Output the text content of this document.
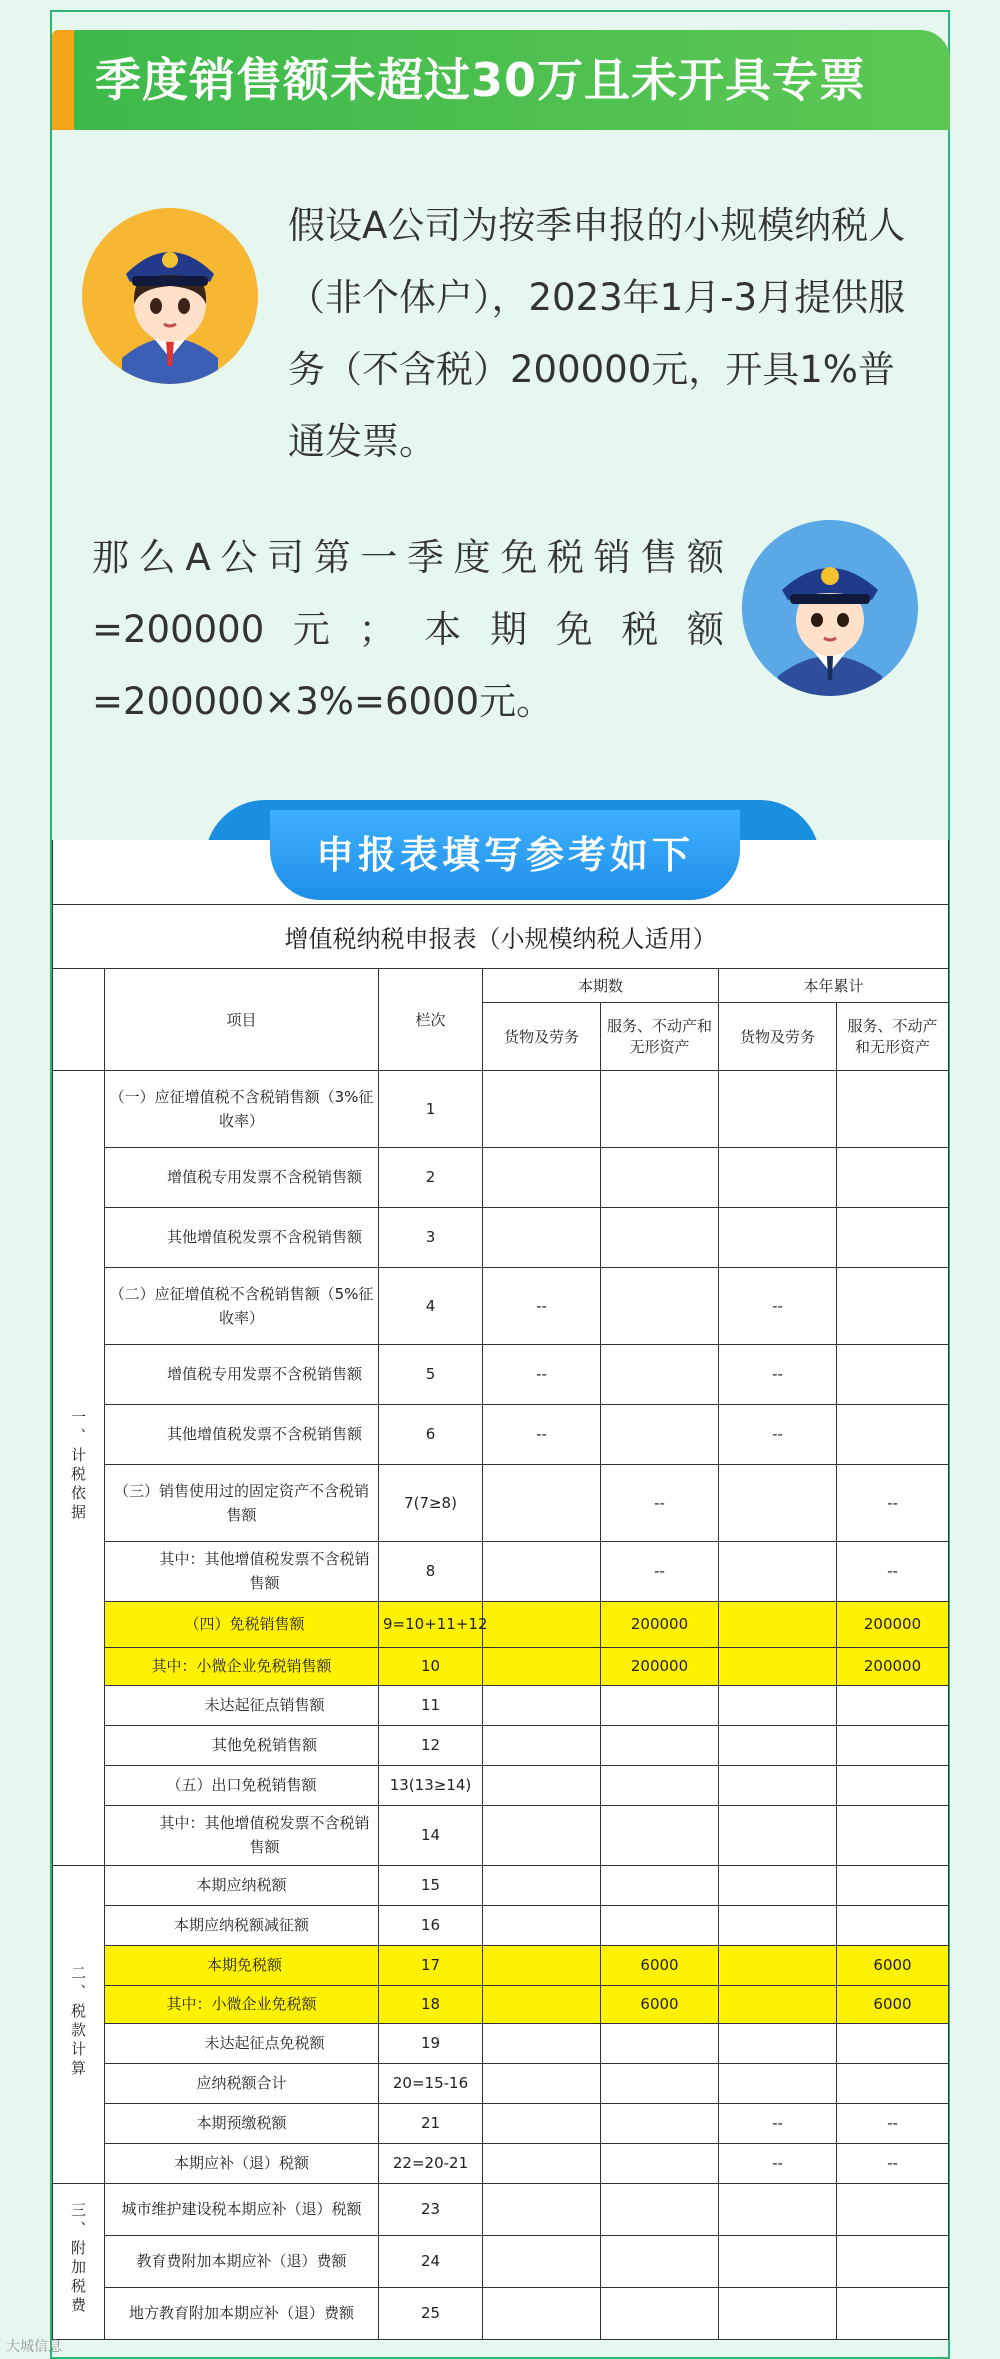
季度销售额未超过30万且未开具专票
假设A公司为按季申报的小规模纳税人（非个体户），2023年1月-3月提供服务（不含税）200000元，开具1%普通发票。
那么A公司第一季度免税销售额=200000元；本期免税额=200000×3%=6000元。

增值税纳税申报表（小规模纳税人适用）						
	项目	栏次	本期数		本年累计	
			货物及劳务	服务、不动产和无形资产	货物及劳务	服务、不动产和无形资产
一、计税依据	（一）应征增值税不含税销售额（3%征收率）	1				
	增值税专用发票不含税销售额	2				
	其他增值税发票不含税销售额	3				
	（二）应征增值税不含税销售额（5%征收率）	4	--		--	
	增值税专用发票不含税销售额	5	--		--	
	其他增值税发票不含税销售额	6	--		--	
	（三）销售使用过的固定资产不含税销售额	7(7≥8)		--		--
	其中：其他增值税发票不含税销售额	8		--		--
	（四）免税销售额	9=10+11+12		200000		200000
	其中：小微企业免税销售额	10		200000		200000
	未达起征点销售额	11				
	其他免税销售额	12				
	（五）出口免税销售额	13(13≥14)				
	其中：其他增值税发票不含税销售额	14				
二、税款计算	本期应纳税额	15				
	本期应纳税额减征额	16				
	本期免税额	17		6000		6000
	其中：小微企业免税额	18		6000		6000
	未达起征点免税额	19				
	应纳税额合计	20=15-16				
	本期预缴税额	21			--	--
	本期应补（退）税额	22=20-21			--	--
三、附加税费	城市维护建设税本期应补（退）税额	23				
	教育费附加本期应补（退）费额	24				
	地方教育附加本期应补（退）费额	25				
申报表填写参考如下
大城信息
